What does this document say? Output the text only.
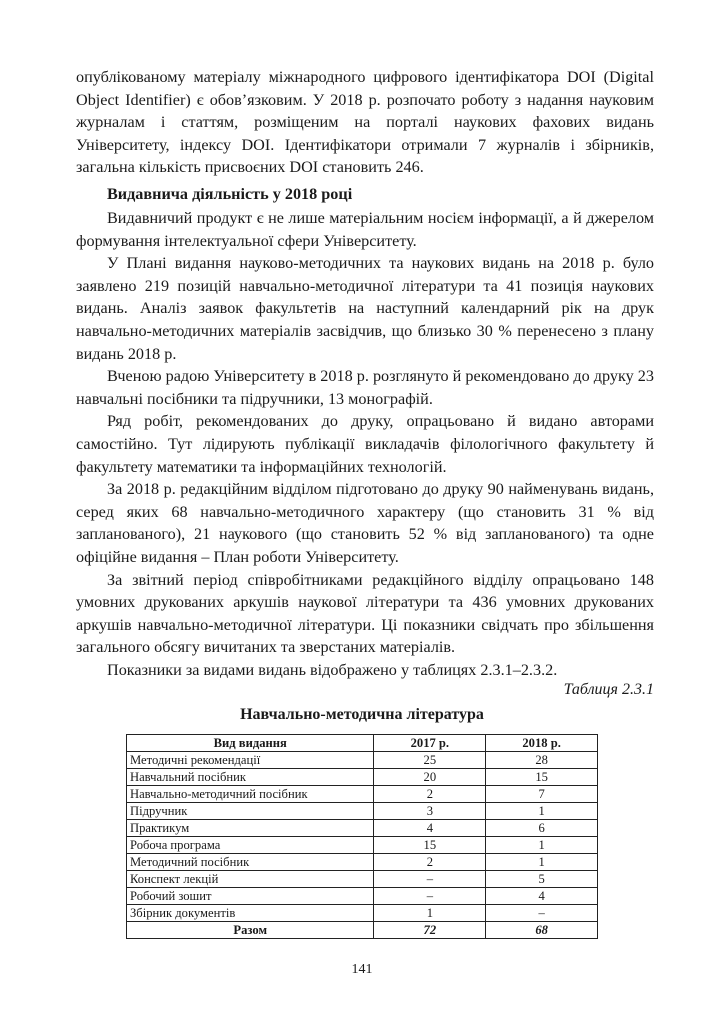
опублікованому матеріалу міжнародного цифрового ідентифікатора DOI (Digital Object Identifier) є обов’язковим. У 2018 р. розпочато роботу з надання науковим журналам і статтям, розміщеним на порталі наукових фахових видань Університету, індексу DOI. Ідентифікатори отримали 7 журналів і збірників, загальна кількість присвоєних DOI становить 246.

Видавнича діяльність у 2018 році

Видавничий продукт є не лише матеріальним носієм інформації, а й джерелом формування інтелектуальної сфери Університету.

У Плані видання науково-методичних та наукових видань на 2018 р. було заявлено 219 позицій навчально-методичної літератури та 41 позиція наукових видань. Аналіз заявок факультетів на наступний календарний рік на друк навчально-методичних матеріалів засвідчив, що близько 30 % перенесено з плану видань 2018 р.

Вченою радою Університету в 2018 р. розглянуто й рекомендовано до друку 23 навчальні посібники та підручники, 13 монографій.

Ряд робіт, рекомендованих до друку, опрацьовано й видано авторами самостійно. Тут лідирують публікації викладачів філологічного факультету й факультету математики та інформаційних технологій.

За 2018 р. редакційним відділом підготовано до друку 90 найменувань видань, серед яких 68 навчально-методичного характеру (що становить 31 % від запланованого), 21 наукового (що становить 52 % від запланованого) та одне офіційне видання – План роботи Університету.

За звітний період співробітниками редакційного відділу опрацьовано 148 умовних друкованих аркушів наукової літератури та 436 умовних друкованих аркушів навчально-методичної літератури. Ці показники свідчать про збільшення загального обсягу вичитаних та зверстаних матеріалів.

Показники за видами видань відображено у таблицях 2.3.1–2.3.2.

Таблиця 2.3.1
Навчально-методична література
Вид видання	2017 р.	2018 р.
Методичні рекомендації	25	28
Навчальний посібник	20	15
Навчально-методичний посібник	2	7
Підручник	3	1
Практикум	4	6
Робоча програма	15	1
Методичний посібник	2	1
Конспект лекцій	–	5
Робочий зошит	–	4
Збірник документів	1	–
Разом	72	68
141
